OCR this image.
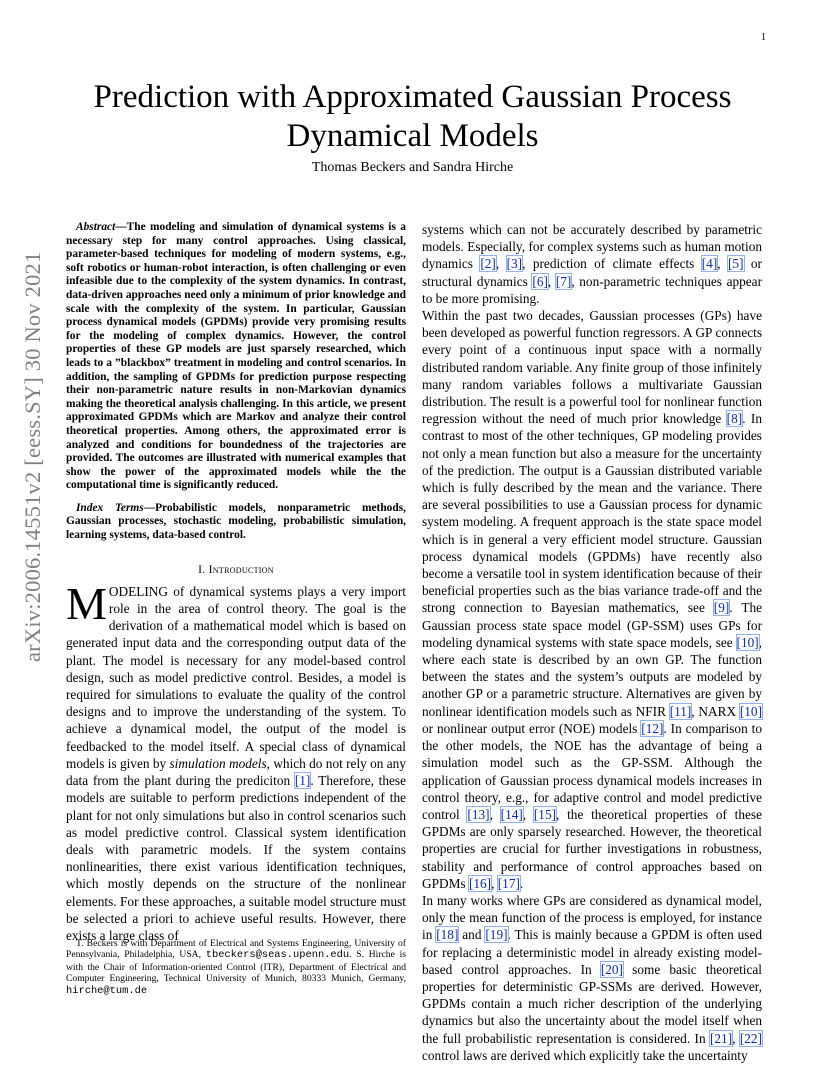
1
arXiv:2006.14551v2 [eess.SY] 30 Nov 2021
Prediction with Approximated Gaussian Process Dynamical Models
Thomas Beckers and Sandra Hirche

Abstract—The modeling and simulation of dynamical systems is a necessary step for many control approaches. Using classical, parameter-based techniques for modeling of modern systems, e.g., soft robotics or human-robot interaction, is often challenging or even infeasible due to the complexity of the system dynamics. In contrast, data-driven approaches need only a minimum of prior knowledge and scale with the complexity of the system. In particular, Gaussian process dynamical models (GPDMs) provide very promising results for the modeling of complex dynamics. However, the control properties of these GP models are just sparsely researched, which leads to a ”blackbox” treatment in modeling and control scenarios. In addition, the sampling of GPDMs for prediction purpose respecting their non-parametric nature results in non-Markovian dynamics making the theoretical analysis challenging. In this article, we present approximated GPDMs which are Markov and analyze their control theoretical properties. Among others, the approximated error is analyzed and conditions for boundedness of the trajectories are provided. The outcomes are illustrated with numerical examples that show the power of the approximated models while the the computational time is significantly reduced.

Index Terms—Probabilistic models, nonparametric methods, Gaussian processes, stochastic modeling, probabilistic simulation, learning systems, data-based control.

I. Introduction

MODELING of dynamical systems plays a very import role in the area of control theory. The goal is the derivation of a mathematical model which is based on generated input data and the corresponding output data of the plant. The model is necessary for any model-based control design, such as model predictive control. Besides, a model is required for simulations to evaluate the quality of the control designs and to improve the understanding of the system. To achieve a dynamical model, the output of the model is feedbacked to the model itself. A special class of dynamical models is given by simulation models, which do not rely on any data from the plant during the prediciton [1]. Therefore, these models are suitable to perform predictions independent of the plant for not only simulations but also in control scenarios such as model predictive control. Classical system identification deals with parametric models. If the system contains nonlinearities, there exist various identification techniques, which mostly depends on the structure of the nonlinear elements. For these approaches, a suitable model structure must be selected a priori to achieve useful results. However, there exists a large class of

systems which can not be accurately described by parametric models. Especially, for complex systems such as human motion dynamics [2], [3], prediction of climate effects [4], [5] or structural dynamics [6], [7], non-parametric techniques appear to be more promising.

Within the past two decades, Gaussian processes (GPs) have been developed as powerful function regressors. A GP connects every point of a continuous input space with a normally distributed random variable. Any finite group of those infinitely many random variables follows a multivariate Gaussian distribution. The result is a powerful tool for nonlinear function regression without the need of much prior knowledge [8]. In contrast to most of the other techniques, GP modeling provides not only a mean function but also a measure for the uncertainty of the prediction. The output is a Gaussian distributed variable which is fully described by the mean and the variance. There are several possibilities to use a Gaussian process for dynamic system modeling. A frequent approach is the state space model which is in general a very efficient model structure. Gaussian process dynamical models (GPDMs) have recently also become a versatile tool in system identification because of their beneficial properties such as the bias variance trade-off and the strong connection to Bayesian mathematics, see [9]. The Gaussian process state space model (GP-SSM) uses GPs for modeling dynamical systems with state space models, see [10], where each state is described by an own GP. The function between the states and the system’s outputs are modeled by another GP or a parametric structure. Alternatives are given by nonlinear identification models such as NFIR [11], NARX [10] or nonlinear output error (NOE) models [12]. In comparison to the other models, the NOE has the advantage of being a simulation model such as the GP-SSM. Although the application of Gaussian process dynamical models increases in control theory, e.g., for adaptive control and model predictive control [13], [14], [15], the theoretical properties of these GPDMs are only sparsely researched. However, the theoretical properties are crucial for further investigations in robustness, stability and performance of control approaches based on GPDMs [16], [17].

In many works where GPs are considered as dynamical model, only the mean function of the process is employed, for instance in [18] and [19]. This is mainly because a GPDM is often used for replacing a deterministic model in already existing model-based control approaches. In [20] some basic theoretical properties for deterministic GP-SSMs are derived. However, GPDMs contain a much richer description of the underlying dynamics but also the uncertainty about the model itself when the full probabilistic representation is considered. In [21], [22] control laws are derived which explicitly take the uncertainty

T. Beckers is with Department of Electrical and Systems Engineering, University of Pennsylvania, Philadelphia, USA, tbeckers@seas.upenn.edu. S. Hirche is with the Chair of Information-oriented Control (ITR), Department of Electrical and Computer Engineering, Technical University of Munich, 80333 Munich, Germany, hirche@tum.de
